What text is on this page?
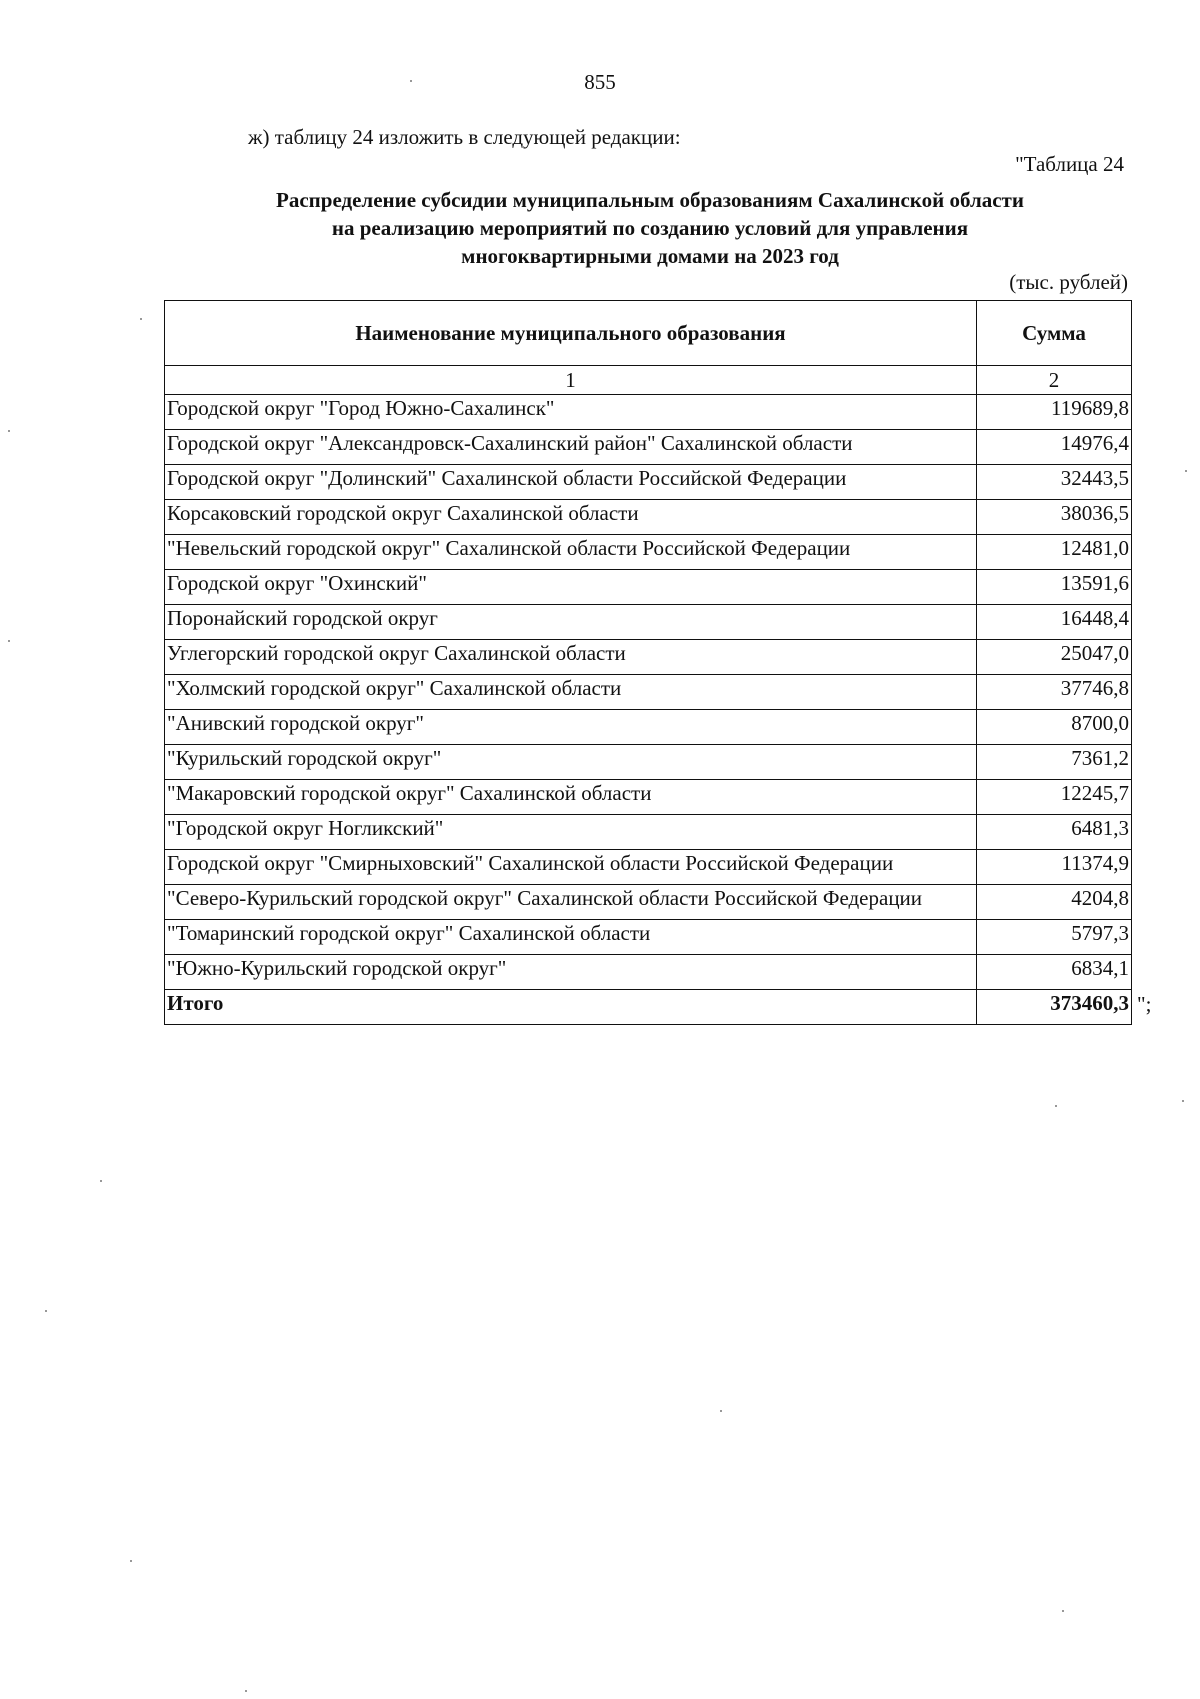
855
ж) таблицу 24 изложить в следующей редакции:
"Таблица 24
Распределение субсидии муниципальным образованиям Сахалинской области
на реализацию мероприятий по созданию условий для управления
многоквартирными домами на 2023 год
(тыс. рублей)
Наименование муниципального образования	Сумма
1	2
Городской округ "Город Южно-Сахалинск"	119689,8
Городской округ "Александровск-Сахалинский район" Сахалинской области	14976,4
Городской округ "Долинский" Сахалинской области Российской Федерации	32443,5
Корсаковский городской округ Сахалинской области	38036,5
"Невельский городской округ" Сахалинской области Российской Федерации	12481,0
Городской округ "Охинский"	13591,6
Поронайский городской округ	16448,4
Углегорский городской округ Сахалинской области	25047,0
"Холмский городской округ" Сахалинской области	37746,8
"Анивский городской округ"	8700,0
"Курильский городской округ"	7361,2
"Макаровский городской округ" Сахалинской области	12245,7
"Городской округ Ногликский"	6481,3
Городской округ "Смирныховский" Сахалинской области Российской Федерации	11374,9
"Северо-Курильский городской округ" Сахалинской области Российской Федерации	4204,8
"Томаринский городской округ" Сахалинской области	5797,3
"Южно-Курильский городской округ"	6834,1
Итого	373460,3 ";
